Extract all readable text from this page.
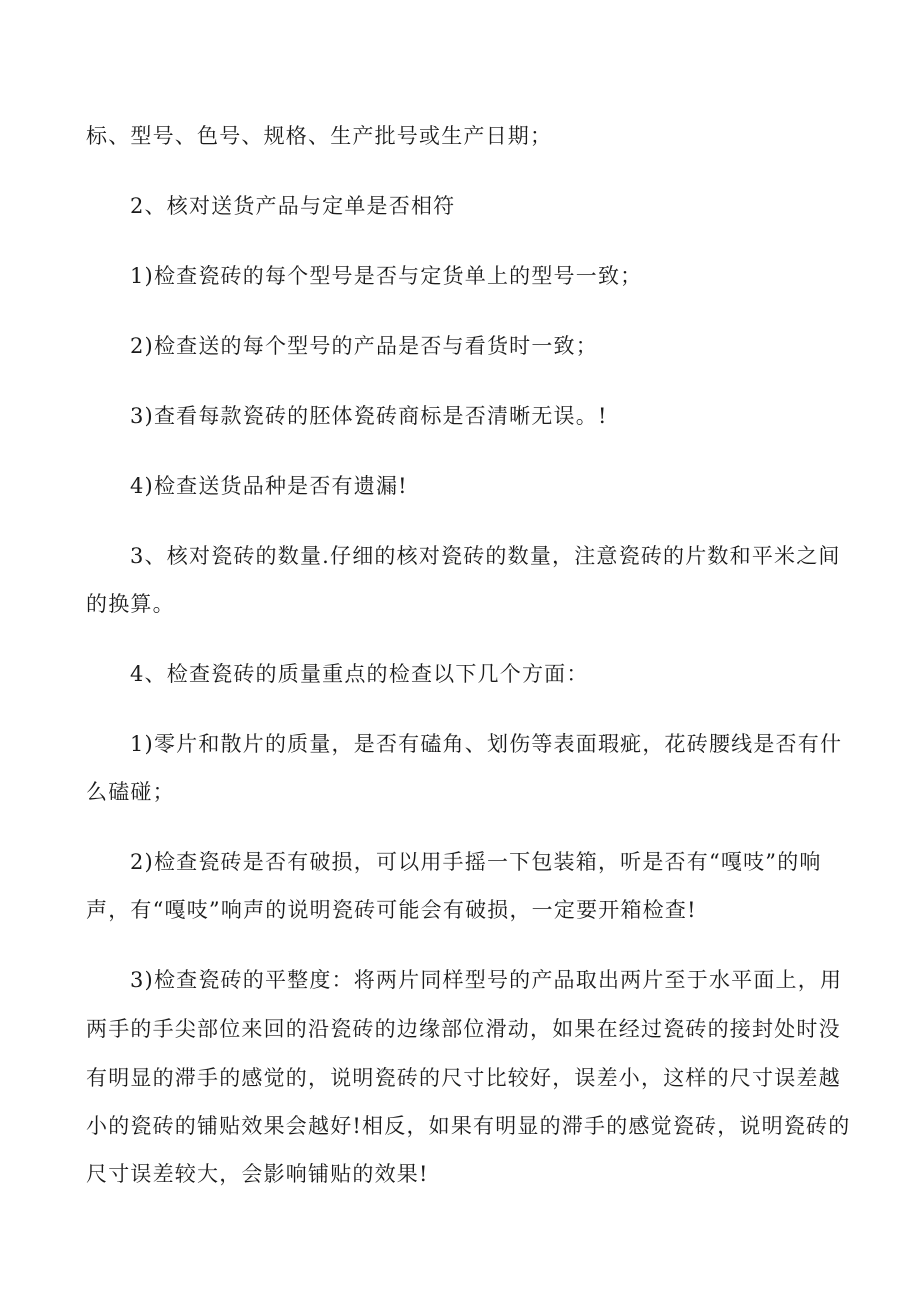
标、型号、色号、规格、生产批号或生产日期；
2、核对送货产品与定单是否相符
1)检查瓷砖的每个型号是否与定货单上的型号一致；
2)检查送的每个型号的产品是否与看货时一致；
3)查看每款瓷砖的胚体瓷砖商标是否清晰无误。!
4)检查送货品种是否有遗漏!
3、核对瓷砖的数量.仔细的核对瓷砖的数量，注意瓷砖的片数和平米之间
的换算。
4、检查瓷砖的质量重点的检查以下几个方面：
1)零片和散片的质量，是否有磕角、划伤等表面瑕疵，花砖腰线是否有什
么磕碰；
2)检查瓷砖是否有破损，可以用手摇一下包装箱，听是否有“嘎吱”的响
声，有“嘎吱”响声的说明瓷砖可能会有破损，一定要开箱检查!
3)检查瓷砖的平整度：将两片同样型号的产品取出两片至于水平面上，用
两手的手尖部位来回的沿瓷砖的边缘部位滑动，如果在经过瓷砖的接封处时没
有明显的滞手的感觉的，说明瓷砖的尺寸比较好，误差小，这样的尺寸误差越
小的瓷砖的铺贴效果会越好!相反，如果有明显的滞手的感觉瓷砖，说明瓷砖的
尺寸误差较大，会影响铺贴的效果!
